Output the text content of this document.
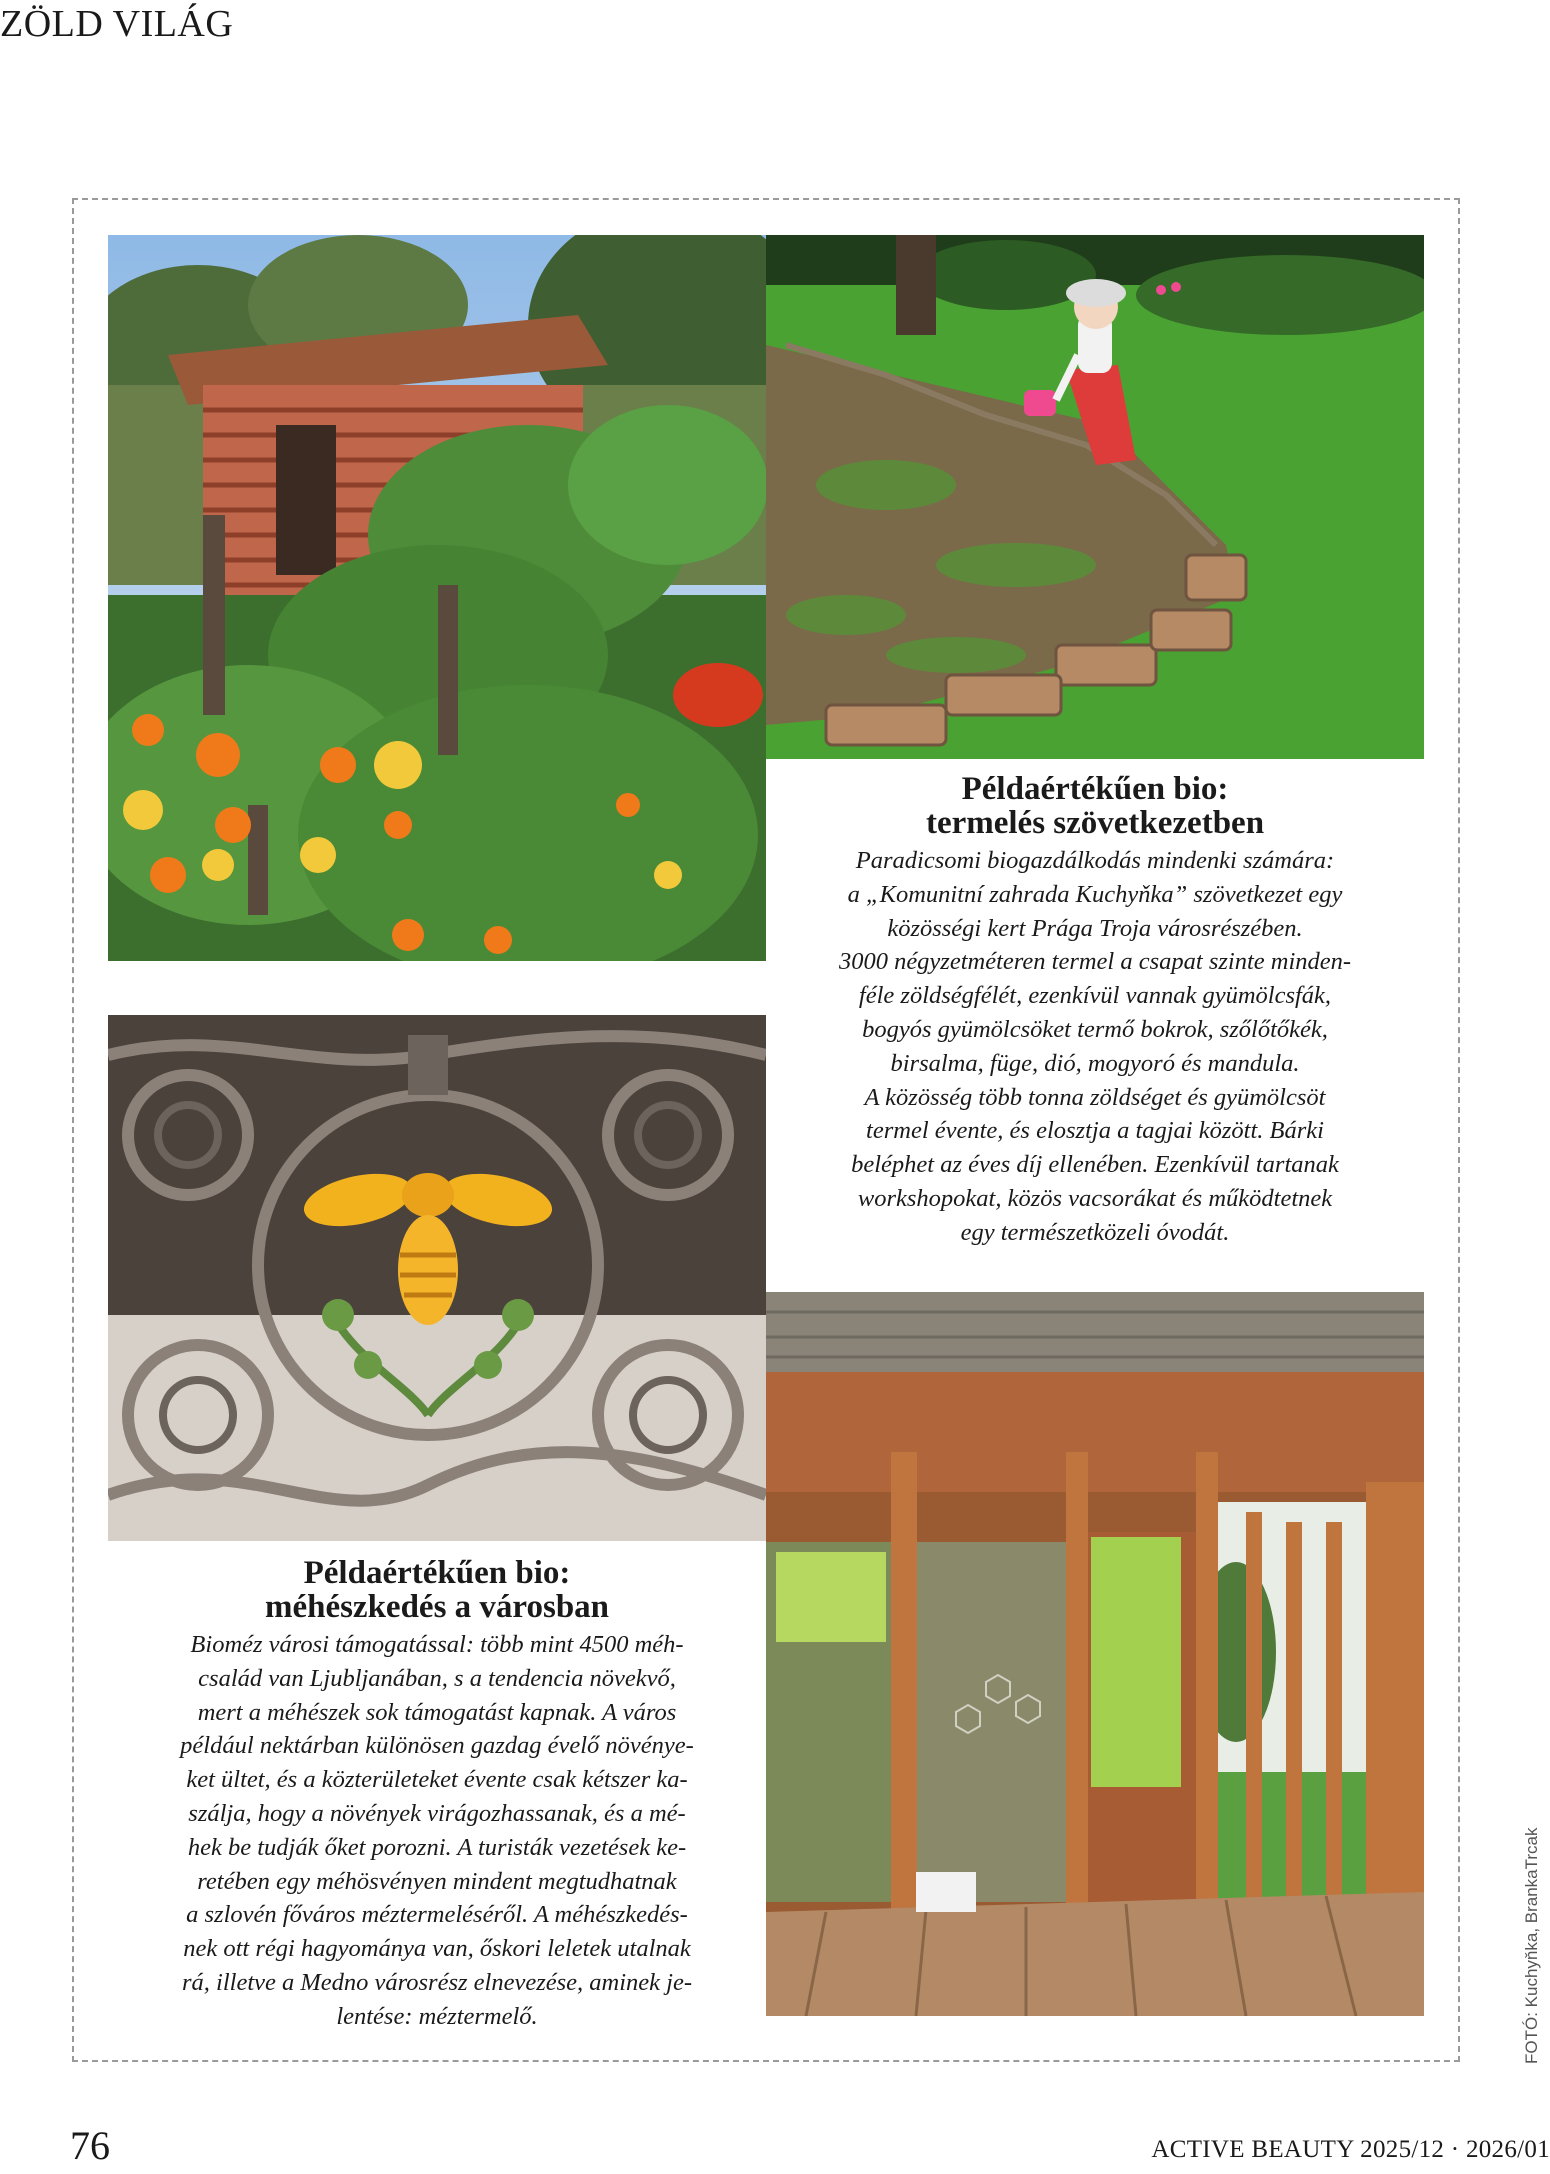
ZÖLD VILÁG
Példaértékűen bio:
termelés szövetkezetben

Paradicsomi biogazdálkodás mindenki számára:
a „Komunitní zahrada Kuchyňka” szövetkezet egy
közösségi kert Prága Troja városrészében.
3000 négyzetméteren termel a csapat szinte minden-
féle zöldségfélét, ezenkívül vannak gyümölcsfák,
bogyós gyümölcsöket termő bokrok, szőlőtőkék,
birsalma, füge, dió, mogyoró és mandula.
A közösség több tonna zöldséget és gyümölcsöt
termel évente, és elosztja a tagjai között. Bárki
beléphet az éves díj ellenében. Ezenkívül tartanak
workshopokat, közös vacsorákat és működtetnek
egy természetközeli óvodát.

Példaértékűen bio:
méhészkedés a városban

Bioméz városi támogatással: több mint 4500 méh-
család van Ljubljanában, s a tendencia növekvő,
mert a méhészek sok támogatást kapnak. A város
például nektárban különösen gazdag évelő növénye-
ket ültet, és a közterületeket évente csak kétszer ka-
szálja, hogy a növények virágozhassanak, és a mé-
hek be tudják őket porozni. A turisták vezetések ke-
retében egy méhösvényen mindent megtudhatnak
a szlovén főváros méztermeléséről. A méhészkedés-
nek ott régi hagyománya van, őskori leletek utalnak
rá, illetve a Medno városrész elnevezése, aminek je-
lentése: méztermelő.	FOTÓ: Kuchyňka, BrankaTrcak
76	ACTIVE BEAUTY 2025/12 · 2026/01
